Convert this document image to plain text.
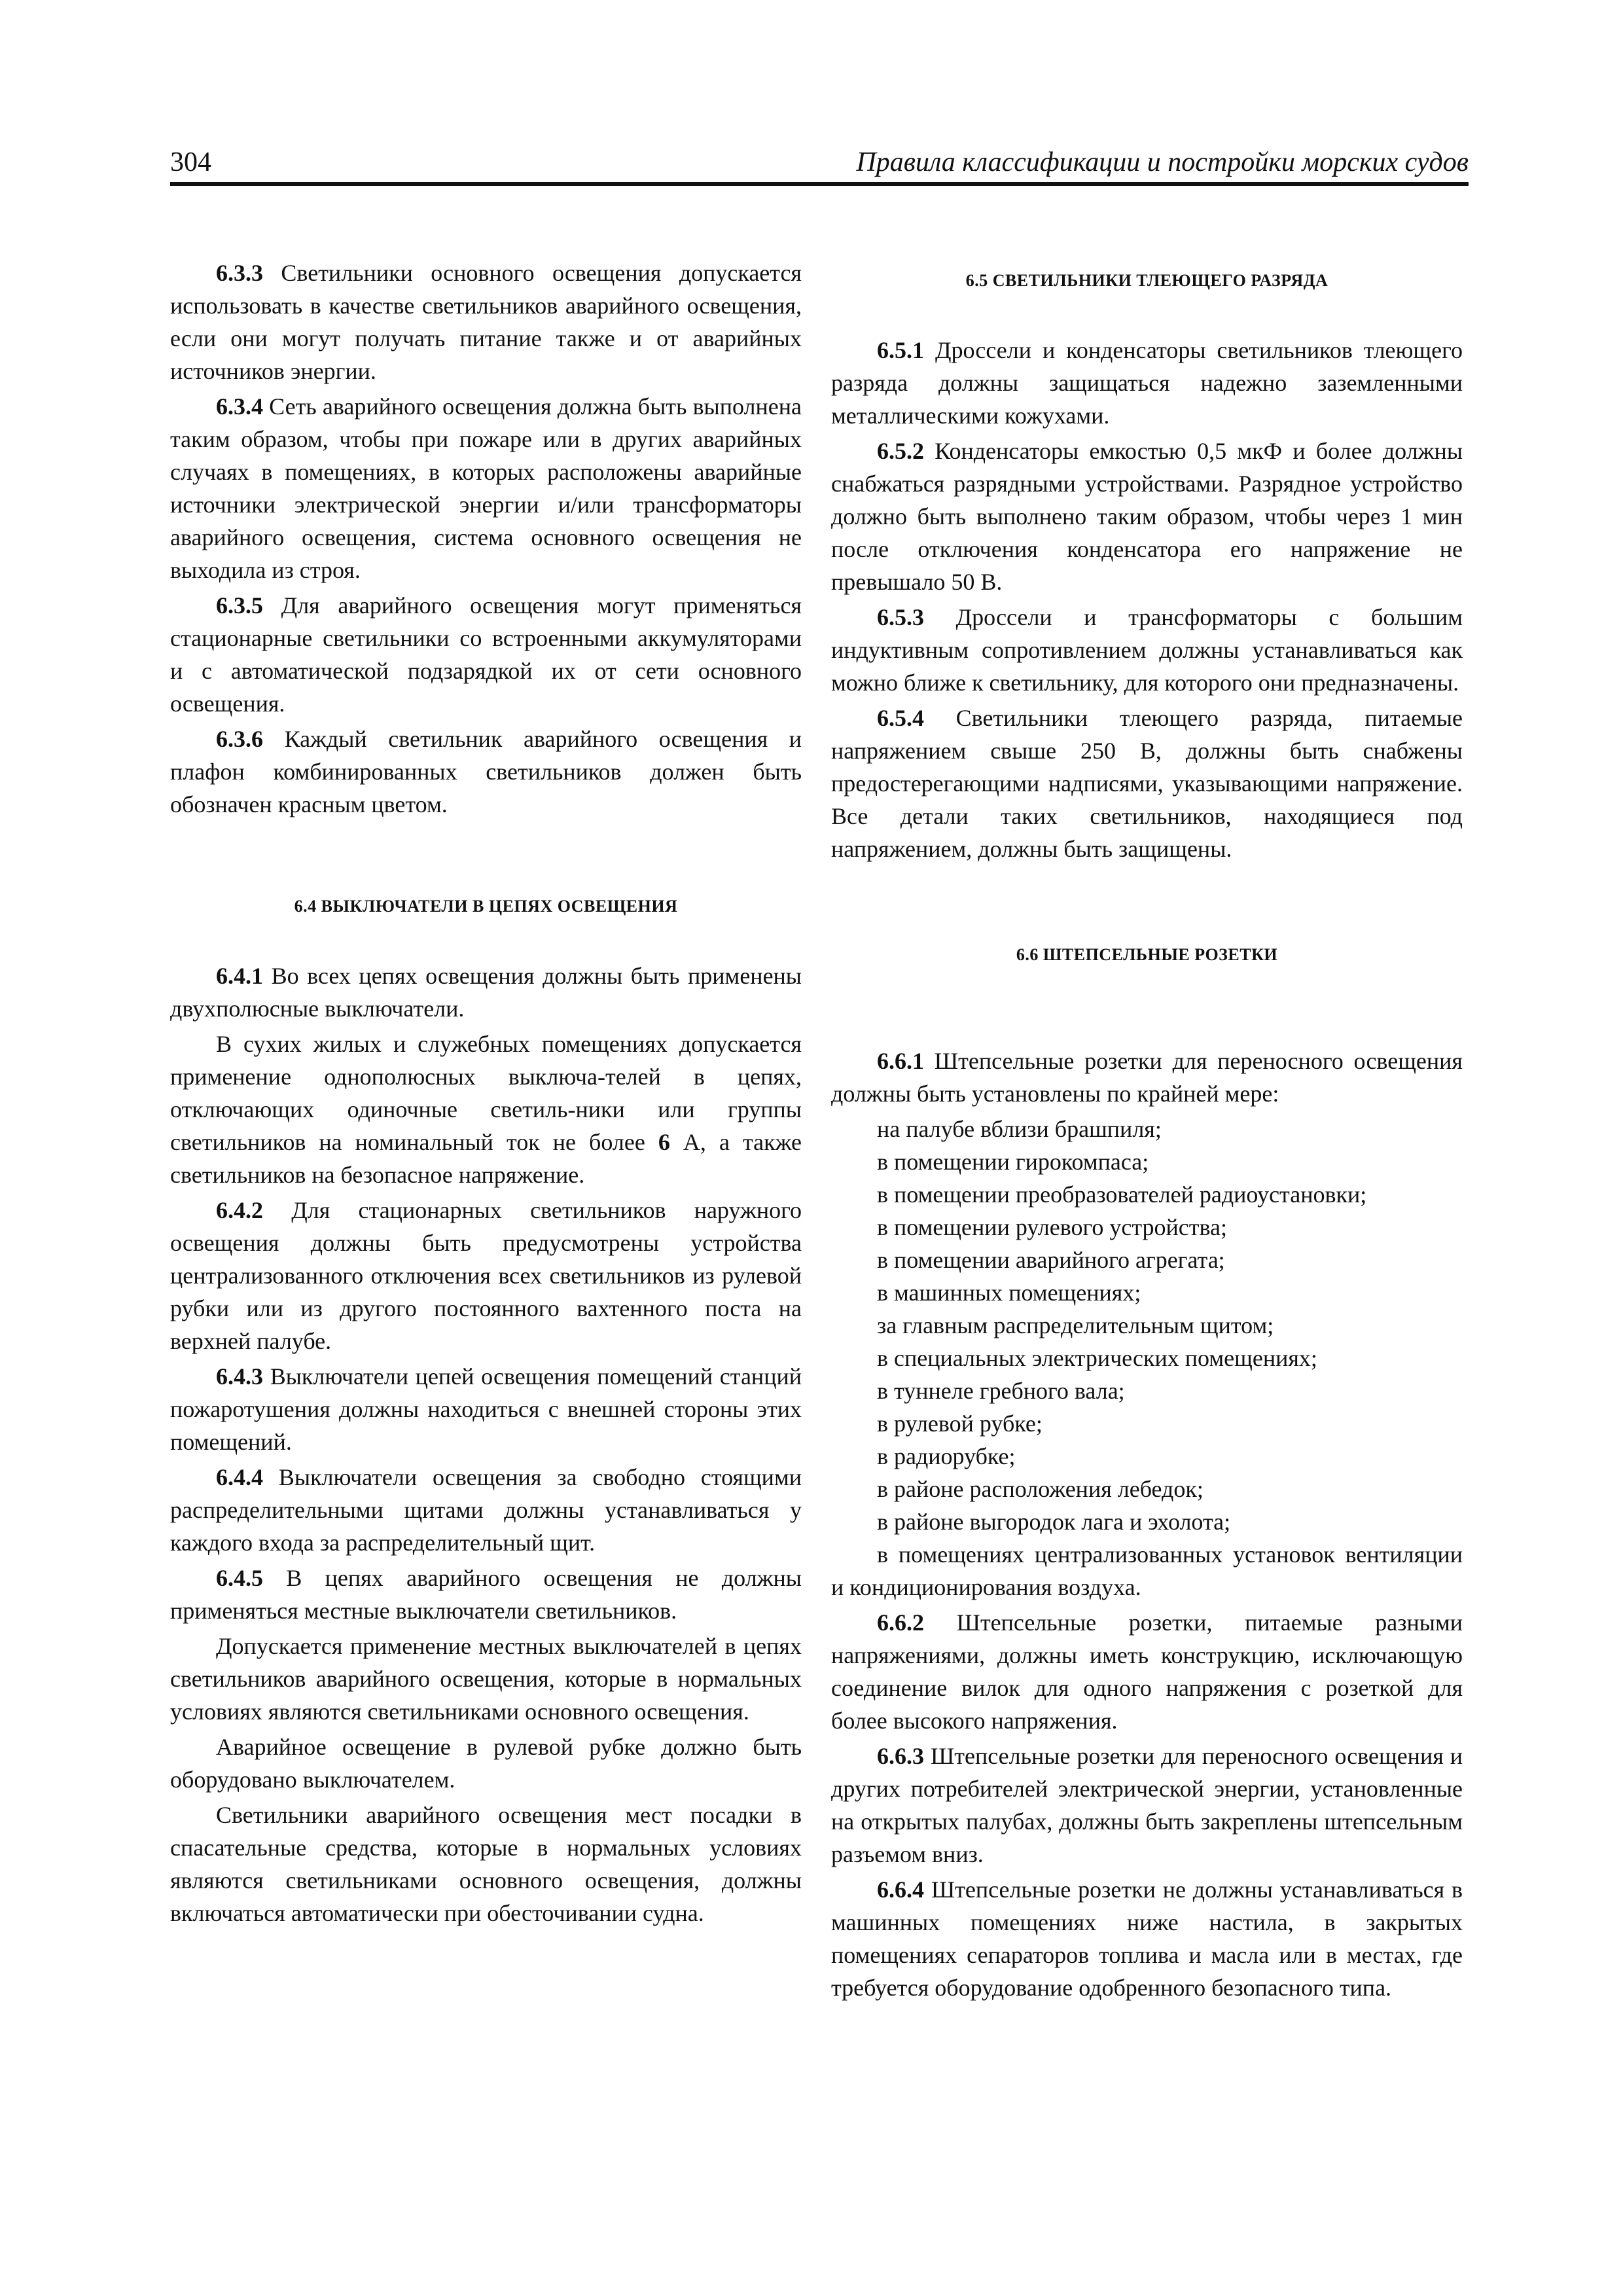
304	Правила классификации и постройки морских судов

6.3.3 Светильники основного освещения допускается использовать в качестве светильников аварийного освещения, если они могут получать питание также и от аварийных источников энергии.

6.3.4 Сеть аварийного освещения должна быть выполнена таким образом, чтобы при пожаре или в других аварийных случаях в помещениях, в которых расположены аварийные источники электрической энергии и/или трансформаторы аварийного освещения, система основного освещения не выходила из строя.

6.3.5 Для аварийного освещения могут применяться стационарные светильники со встроенными аккумуляторами и с автоматической подзарядкой их от сети основного освещения.

6.3.6 Каждый светильник аварийного освещения и плафон комбинированных светильников должен быть обозначен красным цветом.

6.4 ВЫКЛЮЧАТЕЛИ В ЦЕПЯХ ОСВЕЩЕНИЯ

6.4.1 Во всех цепях освещения должны быть применены двухполюсные выключатели.

В сухих жилых и служебных помещениях допускается применение однополюсных выключа-телей в цепях, отключающих одиночные светиль-ники или группы светильников на номинальный ток не более 6 А, а также светильников на безопасное напряжение.

6.4.2 Для стационарных светильников наружного освещения должны быть предусмотрены устройства централизованного отключения всех светильников из рулевой рубки или из другого постоянного вахтенного поста на верхней палубе.

6.4.3 Выключатели цепей освещения помещений станций пожаротушения должны находиться с внешней стороны этих помещений.

6.4.4 Выключатели освещения за свободно стоящими распределительными щитами должны устанавливаться у каждого входа за распределительный щит.

6.4.5 В цепях аварийного освещения не должны применяться местные выключатели светильников.

Допускается применение местных выключателей в цепях светильников аварийного освещения, которые в нормальных условиях являются светильниками основного освещения.

Аварийное освещение в рулевой рубке должно быть оборудовано выключателем.

Светильники аварийного освещения мест посадки в спасательные средства, которые в нормальных условиях являются светильниками основного освещения, должны включаться автоматически при обесточивании судна.

6.5 СВЕТИЛЬНИКИ ТЛЕЮЩЕГО РАЗРЯДА

6.5.1 Дроссели и конденсаторы светильников тлеющего разряда должны защищаться надежно заземленными металлическими кожухами.

6.5.2 Конденсаторы емкостью 0,5 мкФ и более должны снабжаться разрядными устройствами. Разрядное устройство должно быть выполнено таким образом, чтобы через 1 мин после отключения конденсатора его напряжение не превышало 50 В.

6.5.3 Дроссели и трансформаторы с большим индуктивным сопротивлением должны устанавливаться как можно ближе к светильнику, для которого они предназначены.

6.5.4 Светильники тлеющего разряда, питаемые напряжением свыше 250 В, должны быть снабжены предостерегающими надписями, указывающими напряжение. Все детали таких светильников, находящиеся под напряжением, должны быть защищены.

6.6 ШТЕПСЕЛЬНЫЕ РОЗЕТКИ

6.6.1 Штепсельные розетки для переносного освещения должны быть установлены по крайней мере:

на палубе вблизи брашпиля;

в помещении гирокомпаса;

в помещении преобразователей радиоустановки;

в помещении рулевого устройства;

в помещении аварийного агрегата;

в машинных помещениях;

за главным распределительным щитом;

в специальных электрических помещениях;

в туннеле гребного вала;

в рулевой рубке;

в радиорубке;

в районе расположения лебедок;

в районе выгородок лага и эхолота;

в помещениях централизованных установок вентиляции и кондиционирования воздуха.

6.6.2 Штепсельные розетки, питаемые разными напряжениями, должны иметь конструкцию, исключающую соединение вилок для одного напряжения с розеткой для более высокого напряжения.

6.6.3 Штепсельные розетки для переносного освещения и других потребителей электрической энергии, установленные на открытых палубах, должны быть закреплены штепсельным разъемом вниз.

6.6.4 Штепсельные розетки не должны устанавливаться в машинных помещениях ниже настила, в закрытых помещениях сепараторов топлива и масла или в местах, где требуется оборудование одобренного безопасного типа.
